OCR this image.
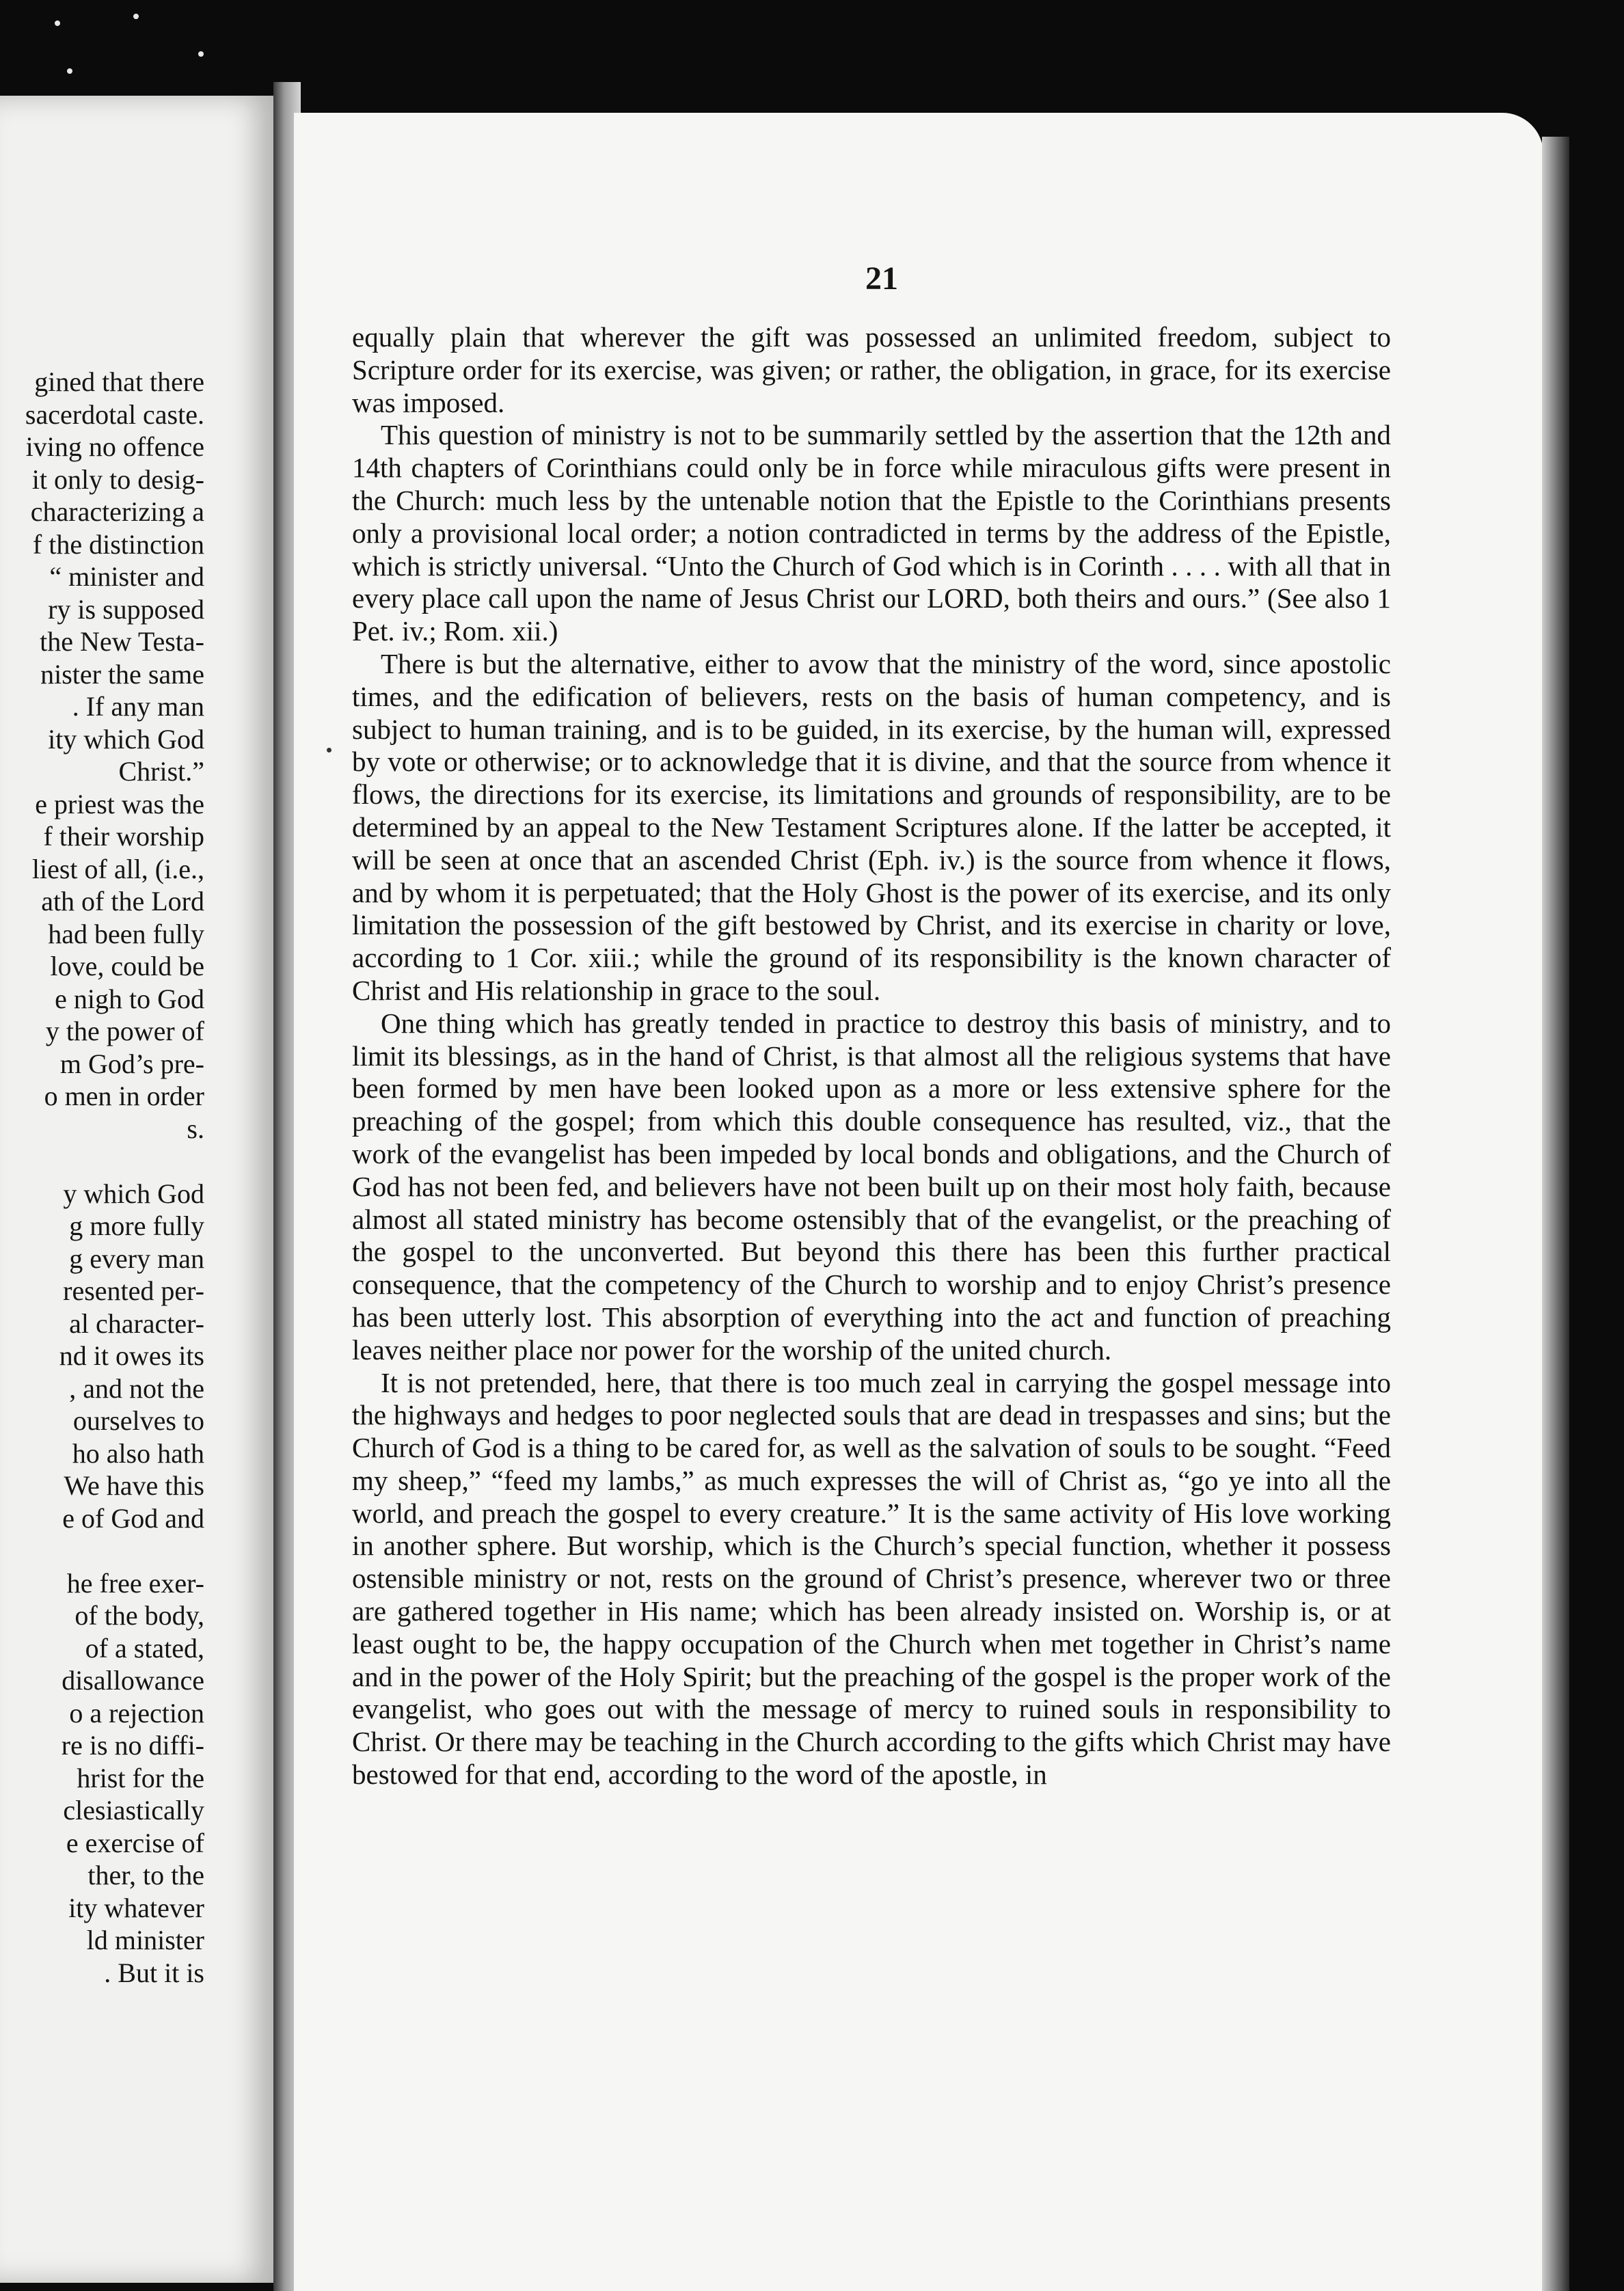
gined that there
sacerdotal caste.
iving no offence
it only to desig-
characterizing a
f the distinction
“ minister and
ry is supposed
the New Testa-
nister the same
. If any man
ity which God
Christ.”
e priest was the
f their worship
liest of all, (i.e.,
ath of the Lord
had been fully
love, could be
e nigh to God
y the power of
m God’s pre-
o men in order
s.
y which God
g more fully
g every man
resented per-
al character-
nd it owes its
, and not the
ourselves to
ho also hath
We have this
e of God and
he free exer-
of the body,
of a stated,
disallowance
o a rejection
re is no diffi-
hrist for the
clesiastically
e exercise of
ther, to the
ity whatever
ld minister
. But it is
21

equally plain that wherever the gift was possessed an unlimited freedom, subject to Scripture order for its exercise, was given; or rather, the obligation, in grace, for its exercise was imposed.

This question of ministry is not to be summarily settled by the assertion that the 12th and 14th chapters of Corinthians could only be in force while miraculous gifts were present in the Church: much less by the untenable notion that the Epistle to the Corinthians presents only a provisional local order; a notion contradicted in terms by the address of the Epistle, which is strictly universal. “Unto the Church of God which is in Corinth . . . . with all that in every place call upon the name of Jesus Christ our LORD, both theirs and ours.” (See also 1 Pet. iv.; Rom. xii.)

There is but the alternative, either to avow that the ministry of the word, since apostolic times, and the edification of believers, rests on the basis of human competency, and is subject to human training, and is to be guided, in its exercise, by the human will, expressed by vote or otherwise; or to acknowledge that it is divine, and that the source from whence it flows, the directions for its exercise, its limitations and grounds of responsibility, are to be determined by an appeal to the New Testament Scriptures alone. If the latter be accepted, it will be seen at once that an ascended Christ (Eph. iv.) is the source from whence it flows, and by whom it is perpetuated; that the Holy Ghost is the power of its exercise, and its only limitation the possession of the gift bestowed by Christ, and its exercise in charity or love, according to 1 Cor. xiii.; while the ground of its responsibility is the known character of Christ and His relationship in grace to the soul.

One thing which has greatly tended in practice to destroy this basis of ministry, and to limit its blessings, as in the hand of Christ, is that almost all the religious systems that have been formed by men have been looked upon as a more or less extensive sphere for the preaching of the gospel; from which this double consequence has resulted, viz., that the work of the evangelist has been impeded by local bonds and obligations, and the Church of God has not been fed, and believers have not been built up on their most holy faith, because almost all stated ministry has become ostensibly that of the evangelist, or the preaching of the gospel to the unconverted. But beyond this there has been this further practical consequence, that the competency of the Church to worship and to enjoy Christ’s presence has been utterly lost. This absorption of everything into the act and function of preaching leaves neither place nor power for the worship of the united church.

It is not pretended, here, that there is too much zeal in carrying the gospel message into the highways and hedges to poor neglected souls that are dead in trespasses and sins; but the Church of God is a thing to be cared for, as well as the salvation of souls to be sought. “Feed my sheep,” “feed my lambs,” as much expresses the will of Christ as, “go ye into all the world, and preach the gospel to every creature.” It is the same activity of His love working in another sphere. But worship, which is the Church’s special function, whether it possess ostensible ministry or not, rests on the ground of Christ’s presence, wherever two or three are gathered together in His name; which has been already insisted on. Worship is, or at least ought to be, the happy occupation of the Church when met together in Christ’s name and in the power of the Holy Spirit; but the preaching of the gospel is the proper work of the evangelist, who goes out with the message of mercy to ruined souls in responsibility to Christ. Or there may be teaching in the Church according to the gifts which Christ may have bestowed for that end, according to the word of the apostle, in
